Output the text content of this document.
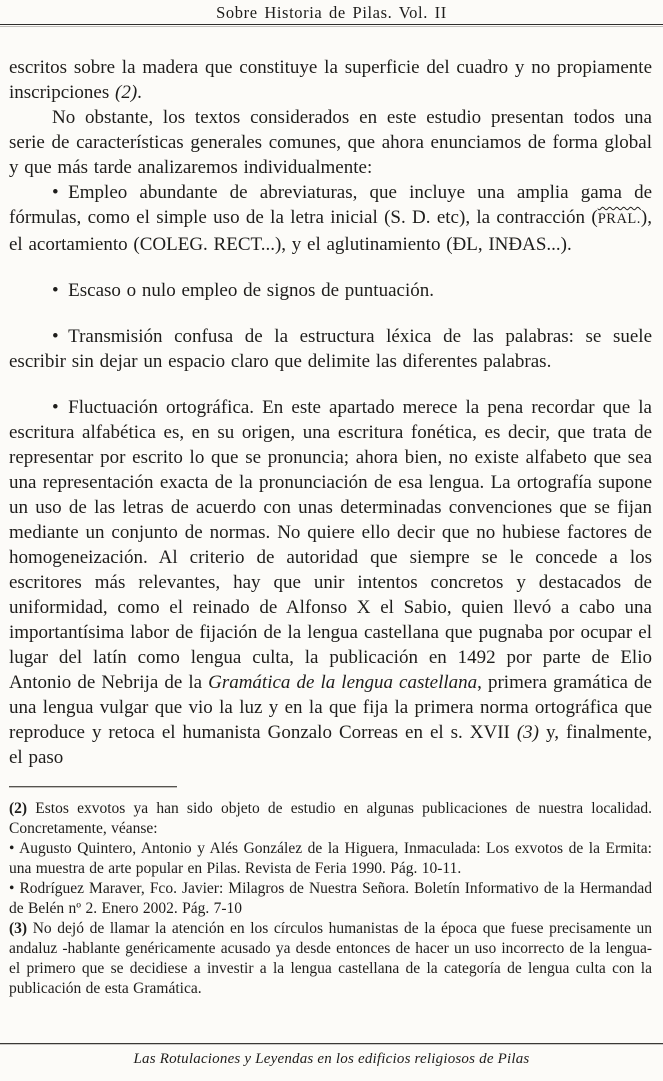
Sobre Historia de Pilas. Vol. II

escritos sobre la madera que constituye la superficie del cuadro y no propiamente inscripciones (2).

No obstante, los textos considerados en este estudio presentan todos una serie de características generales comunes, que ahora enunciamos de forma global y que más tarde analizaremos individualmente:

• Empleo abundante de abreviaturas, que incluye una amplia gama de fórmulas, como el simple uso de la letra inicial (S. D. etc), la contracción (PRAL.), el acortamiento (COLEG. RECT...), y el aglutinamiento (ÐL, INÐAS...).

• Escaso o nulo empleo de signos de puntuación.

• Transmisión confusa de la estructura léxica de las palabras: se suele escribir sin dejar un espacio claro que delimite las diferentes palabras.

• Fluctuación ortográfica. En este apartado merece la pena recordar que la escritura alfabética es, en su origen, una escritura fonética, es decir, que trata de representar por escrito lo que se pronuncia; ahora bien, no existe alfabeto que sea una representación exacta de la pronunciación de esa lengua. La ortografía supone un uso de las letras de acuerdo con unas determinadas convenciones que se fijan mediante un conjunto de normas. No quiere ello decir que no hubiese factores de homogeneización. Al criterio de autoridad que siempre se le concede a los escritores más relevantes, hay que unir intentos concretos y destacados de uniformidad, como el reinado de Alfonso X el Sabio, quien llevó a cabo una importantísima labor de fijación de la lengua castellana que pugnaba por ocupar el lugar del latín como lengua culta, la publicación en 1492 por parte de Elio Antonio de Nebrija de la Gramática de la lengua castellana, primera gramática de una lengua vulgar que vio la luz y en la que fija la primera norma ortográfica que reproduce y retoca el humanista Gonzalo Correas en el s. XVII (3) y, finalmente, el paso

(2) Estos exvotos ya han sido objeto de estudio en algunas publicaciones de nuestra localidad. Concretamente, véanse:

• Augusto Quintero, Antonio y Alés González de la Higuera, Inmaculada: Los exvotos de la Ermita: una muestra de arte popular en Pilas. Revista de Feria 1990. Pág. 10-11.

• Rodríguez Maraver, Fco. Javier: Milagros de Nuestra Señora. Boletín Informativo de la Hermandad de Belén nº 2. Enero 2002. Pág. 7-10

(3) No dejó de llamar la atención en los círculos humanistas de la época que fuese precisamente un andaluz -hablante genéricamente acusado ya desde entonces de hacer un uso incorrecto de la lengua- el primero que se decidiese a investir a la lengua castellana de la categoría de lengua culta con la publicación de esta Gramática.

Las Rotulaciones y Leyendas en los edificios religiosos de Pilas
